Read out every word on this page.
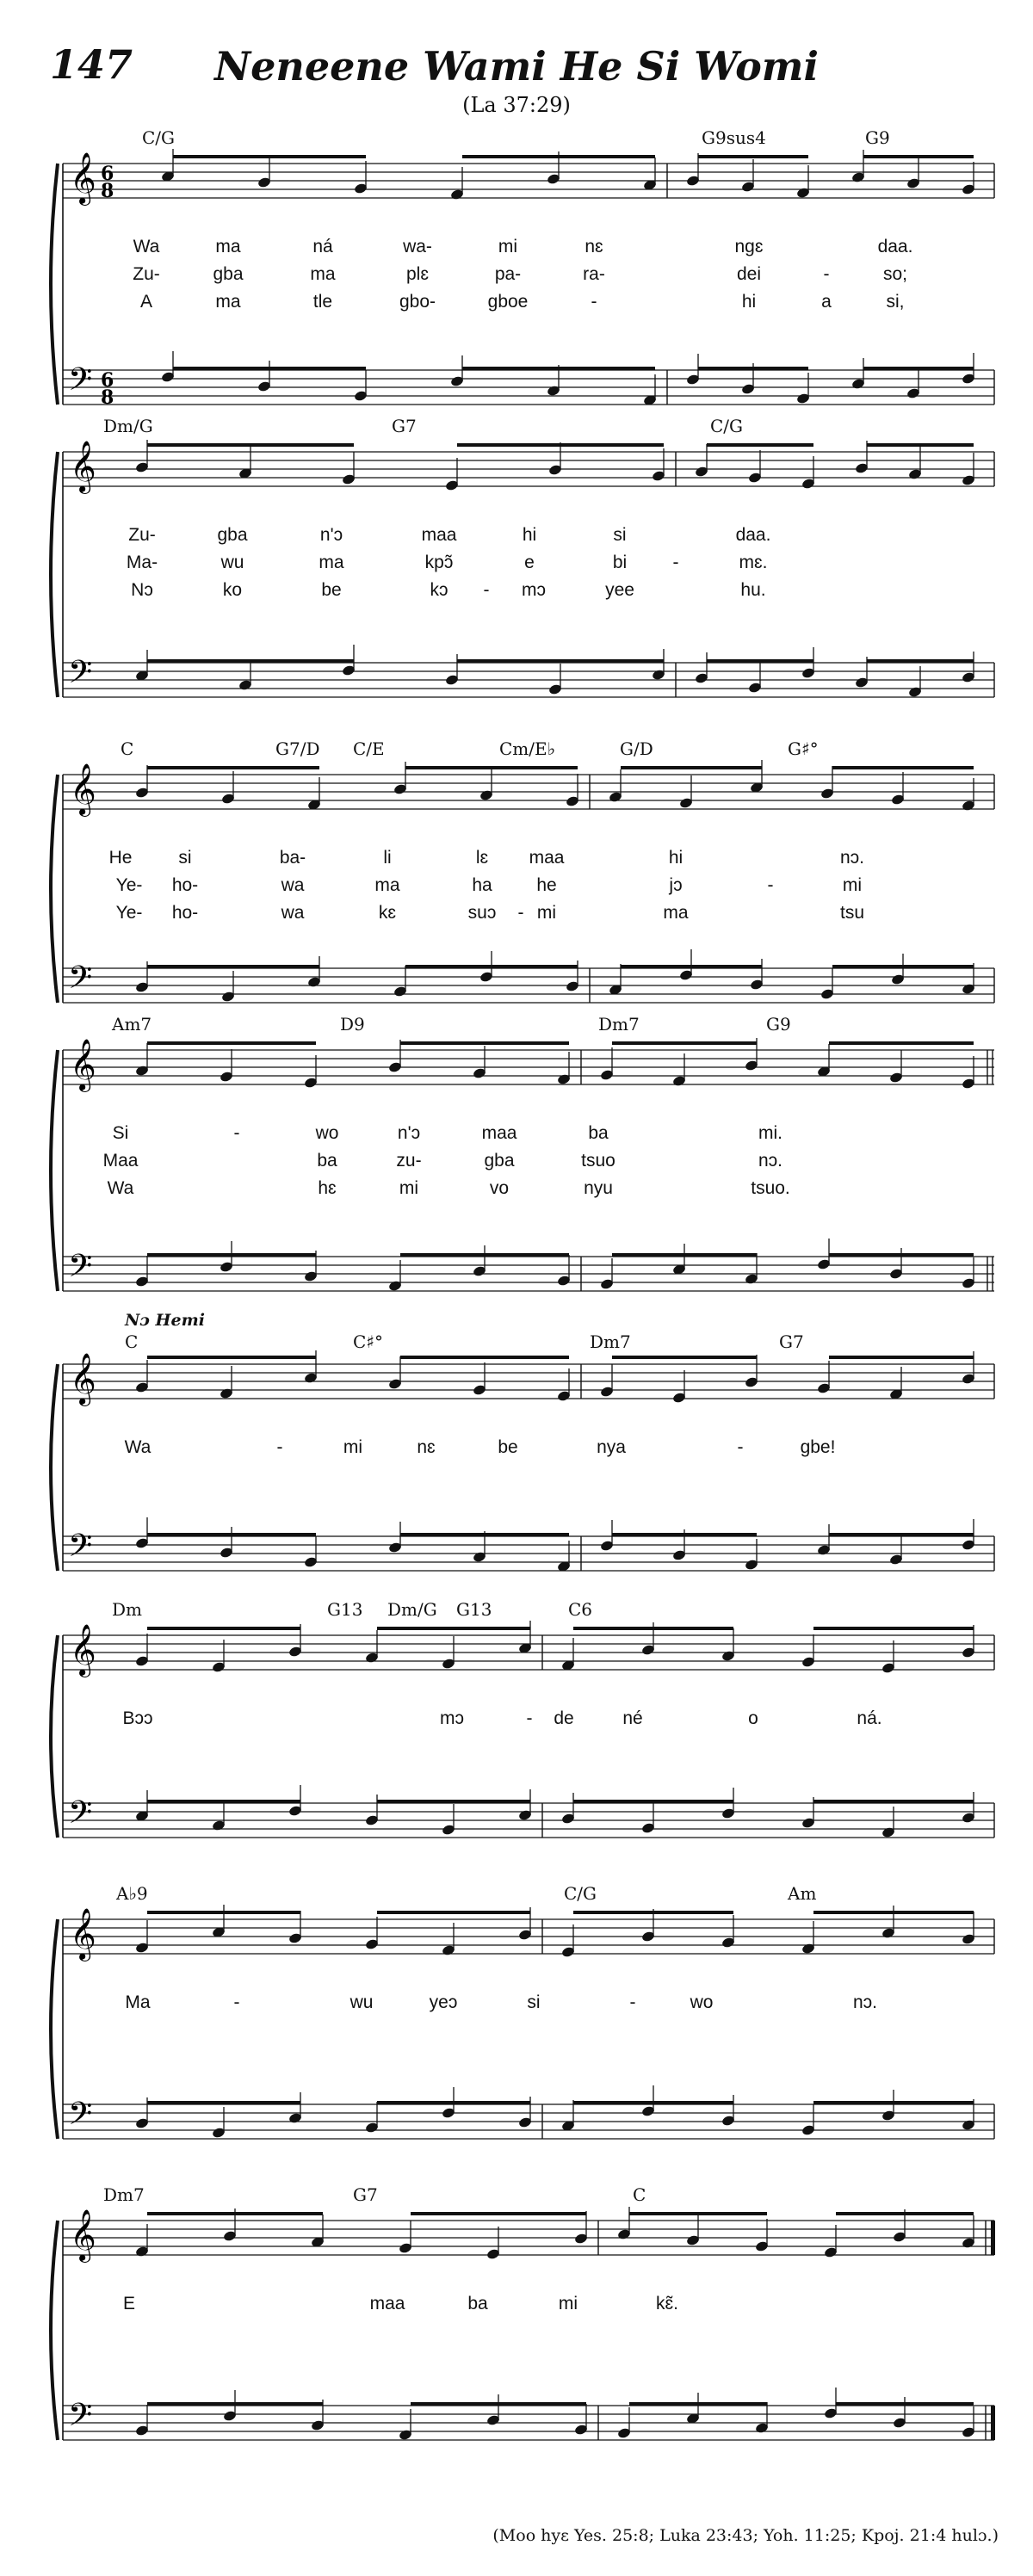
147	Neneene Wami He Si Womi
(La 37:29)
(Moo hyɛ Yes. 25:8; Luka 23:43; Yoh. 11:25; Kpoj. 21:4 hulɔ.)
𝄞
𝄢
6
8
6
8
C/G	G9sus4	G9
Wa	ma	ná	wa-	mi	nɛ	ngɛ	daa.
Zu-	gba	ma	plɛ	pa-	ra-	dei	-	so;
A	ma	tle	gbo-	gboe	-	hi	a	si,
𝄞
𝄢
Dm/G	G7	C/G
Zu-	gba	n'ɔ	maa	hi	si	daa.
Ma-	wu	ma	kpɔ̃	e	bi	-	mɛ.
Nɔ	ko	be	kɔ - mɔ	yee	hu.
𝄞
𝄢
C	G7/D C/E	Cm/E♭	G/D	G♯°
He	si	ba-	li	lɛ maa	hi	nɔ.
Ye- ho-	wa	ma	ha he	jɔ	-	mi
Ye- ho-	wa	kɛ	suɔ - mi	ma	tsu
𝄞
𝄢
Am7	D9	Dm7	G9
Si	-	wo	n'ɔ	maa	ba	mi.
Maa	ba	zu-	gba	tsuo	nɔ.
Wa	hɛ	mi	vo	nyu	tsuo.
𝄞
𝄢
Nɔ Hemi
C	C♯°	Dm7	G7
Wa	-	mi	nɛ	be	nya	-	gbe!
𝄞
𝄢
Dm	G13 Dm/G G13	C6
Bɔɔ	mɔ	- de	né	o	ná.
𝄞
𝄢
A♭9	C/G	Am
Ma	-	wu	yeɔ	si	-	wo	nɔ.
𝄞
𝄢
Dm7	G7	C
E	maa	ba	mi	kɛ̃.
